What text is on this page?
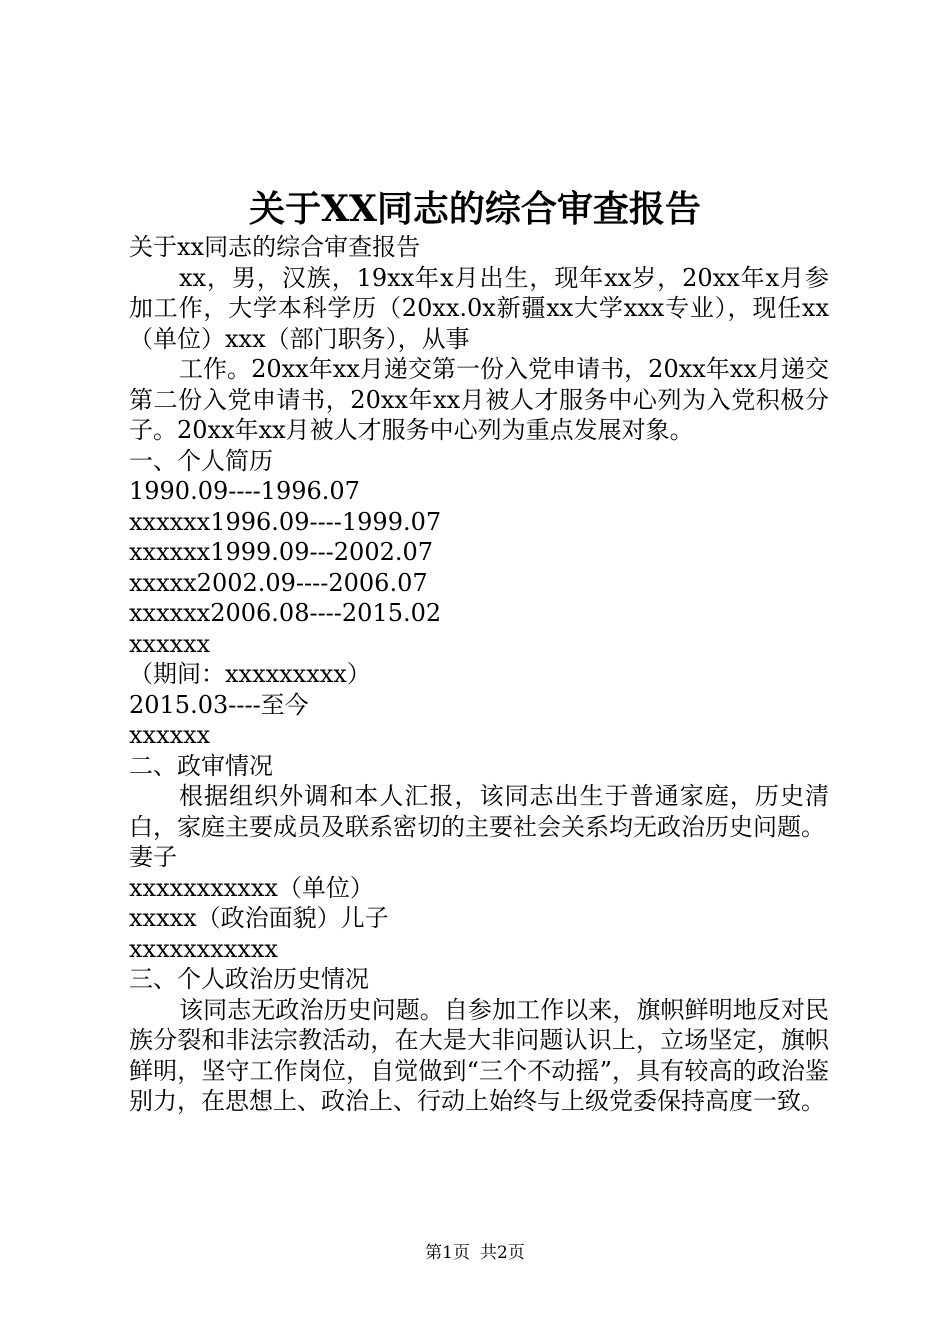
关于XX同志的综合审查报告

关于xx同志的综合审查报告

xx，男，汉族，19xx年x月出生，现年xx岁，20xx年x月参加工作，大学本科学历（20xx.0x新疆xx大学xxx专业），现任xx（单位）xxx（部门职务），从事

工作。20xx年xx月递交第一份入党申请书，20xx年xx月递交第二份入党申请书，20xx年xx月被人才服务中心列为入党积极分子。20xx年xx月被人才服务中心列为重点发展对象。

一、个人简历

1990.09----1996.07

xxxxxx1996.09----1999.07

xxxxxx1999.09---2002.07

xxxxx2002.09----2006.07

xxxxxx2006.08----2015.02

xxxxxx

（期间：xxxxxxxxx）

2015.03----至今

xxxxxx

二、政审情况

根据组织外调和本人汇报，该同志出生于普通家庭，历史清白，家庭主要成员及联系密切的主要社会关系均无政治历史问题。

妻子

xxxxxxxxxxx（单位）

xxxxx（政治面貌）儿子

xxxxxxxxxxx

三、个人政治历史情况

该同志无政治历史问题。自参加工作以来，旗帜鲜明地反对民族分裂和非法宗教活动，在大是大非问题认识上，立场坚定，旗帜鲜明，坚守工作岗位，自觉做到“三个不动摇”，具有较高的政治鉴别力，在思想上、政治上、行动上始终与上级党委保持高度一致。

第1页 共2页
